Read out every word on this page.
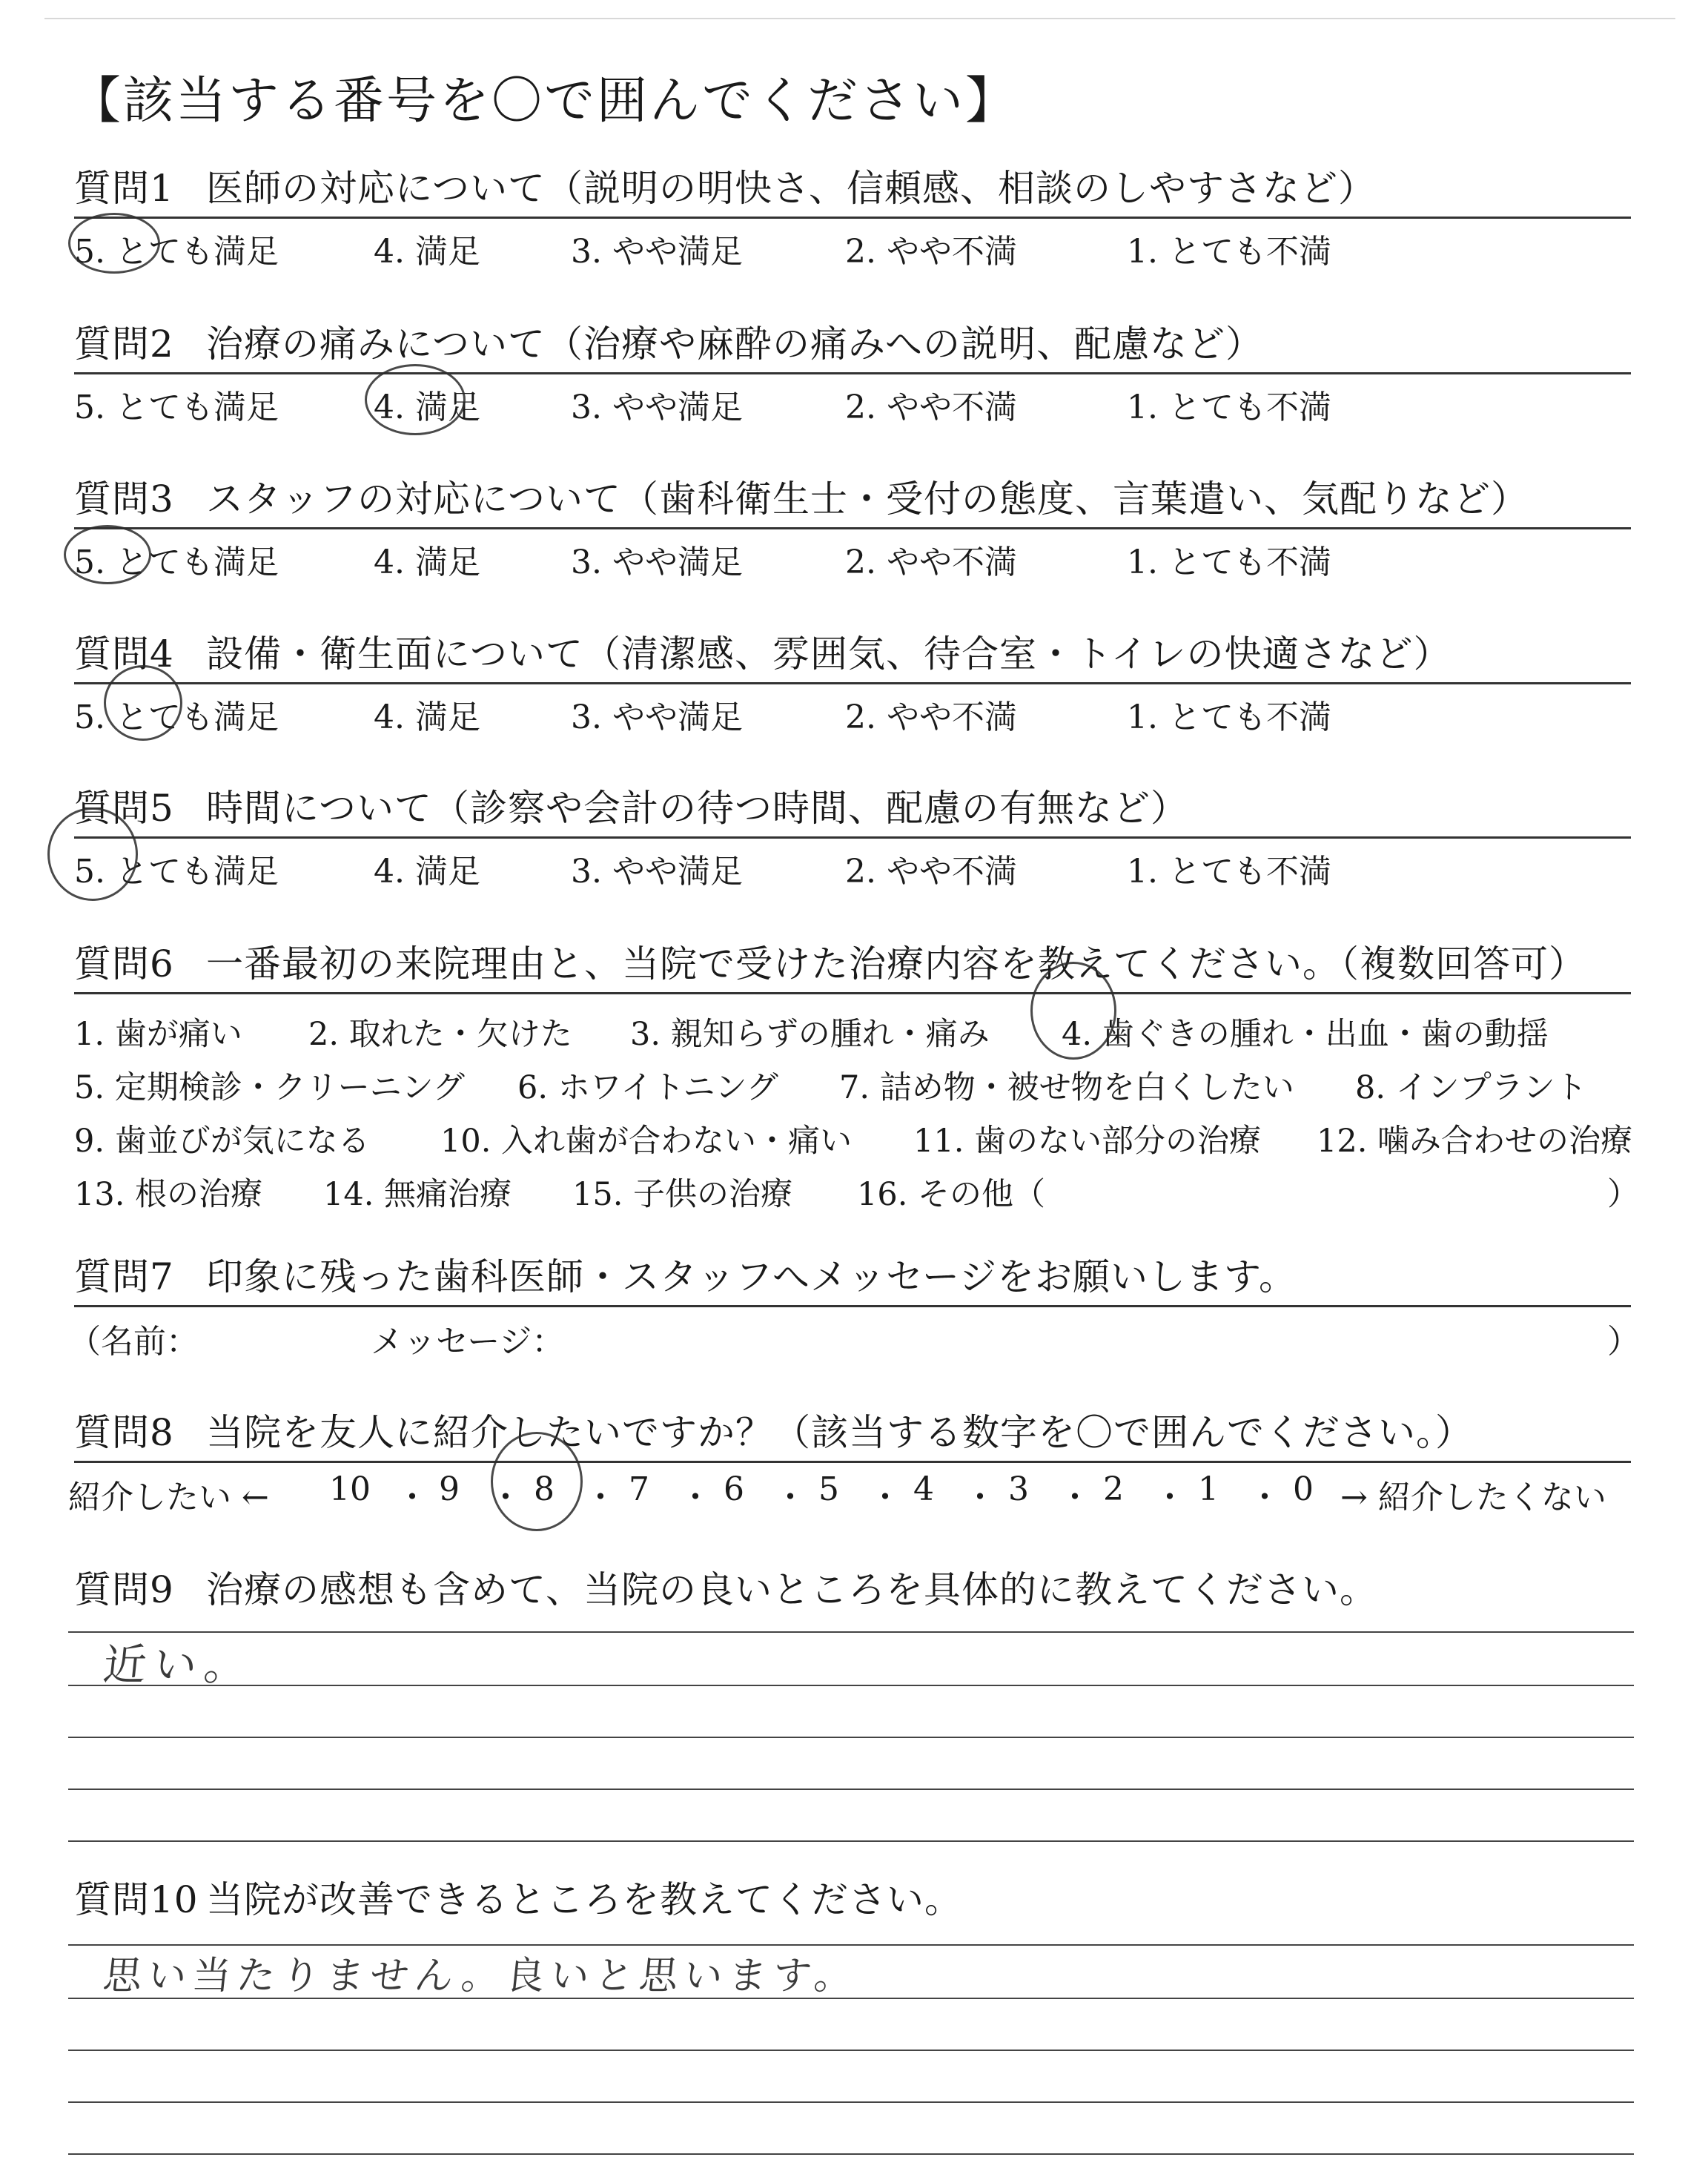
【該当する番号を〇で囲んでください】
質問1 医師の対応について（説明の明快さ、信頼感、相談のしやすさなど）
5. とても満足	4. 満足	3. やや満足	2. やや不満	1. とても不満
質問2 治療の痛みについて（治療や麻酔の痛みへの説明、配慮など）
5. とても満足	4. 満足	3. やや満足	2. やや不満	1. とても不満
質問3 スタッフの対応について（歯科衛生士・受付の態度、言葉遣い、気配りなど）
5. とても満足	4. 満足	3. やや満足	2. やや不満	1. とても不満
質問4 設備・衛生面について（清潔感、雰囲気、待合室・トイレの快適さなど）
5. とても満足	4. 満足	3. やや満足	2. やや不満	1. とても不満
質問5 時間について（診察や会計の待つ時間、配慮の有無など）
5. とても満足	4. 満足	3. やや満足	2. やや不満	1. とても不満
質問6 一番最初の来院理由と、当院で受けた治療内容を教えてください。（複数回答可）
1. 歯が痛い 2. 取れた・欠けた 3. 親知らずの腫れ・痛み 4. 歯ぐきの腫れ・出血・歯の動揺
5. 定期検診・クリーニング 6. ホワイトニング 7. 詰め物・被せ物を白くしたい 8. インプラント
9. 歯並びが気になる 10. 入れ歯が合わない・痛い 11. 歯のない部分の治療 12. 噛み合わせの治療
13. 根の治療 14. 無痛治療 15. 子供の治療 16. その他（	）
質問7 印象に残った歯科医師・スタッフへメッセージをお願いします。
（名前：	メッセージ：	）
質問8 当院を友人に紹介したいですか？（該当する数字を〇で囲んでください。）
紹介したい ← 10 ・ 9 ・ 8 ・ 7 ・ 6 ・ 5 ・ 4 ・ 3 ・ 2 ・ 1 ・ 0 → 紹介したくない
質問9 治療の感想も含めて、当院の良いところを具体的に教えてください。
近い。
質問10 当院が改善できるところを教えてください。
思い当たりません。良いと思います。
